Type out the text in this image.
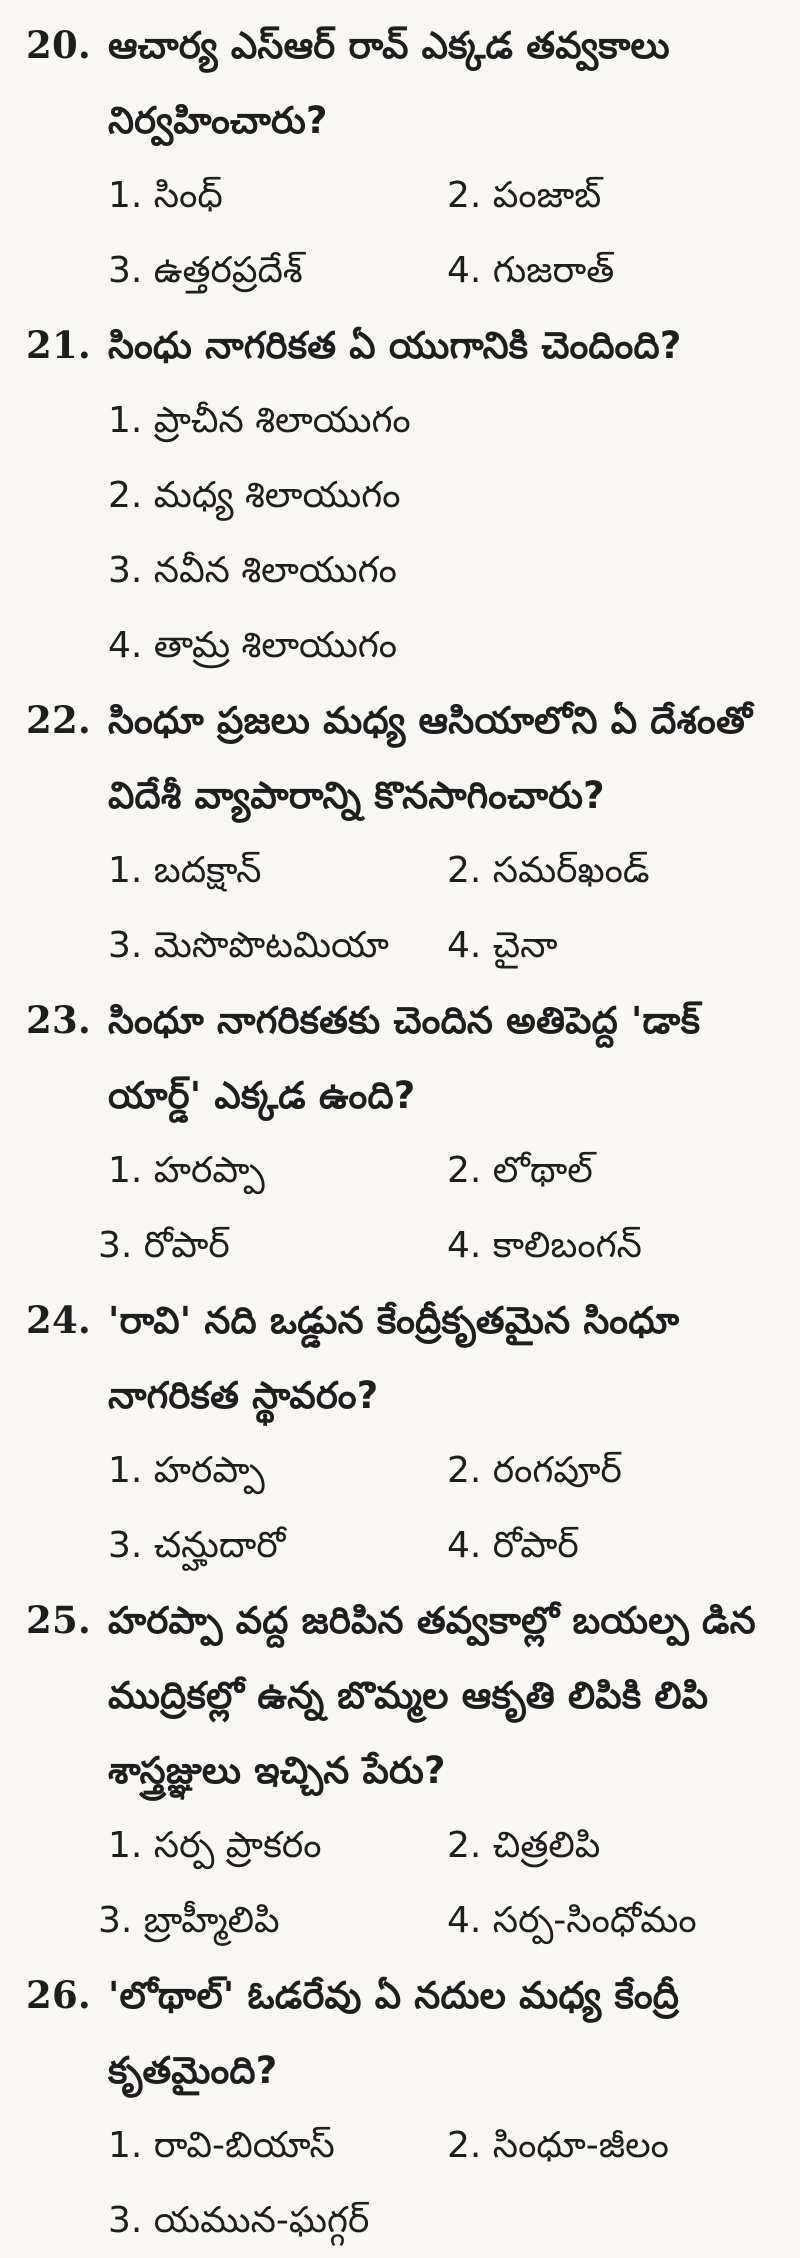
20. ఆచార్య ఎస్ఆర్ రావ్ ఎక్కడ తవ్వకాలు నిర్వహించారు?
1. సింధ్	2. పంజాబ్
3. ఉత్తరప్రదేశ్	4. గుజరాత్
21. సింధు నాగరికత ఏ యుగానికి చెందింది?
1. ప్రాచీన శిలాయుగం
2. మధ్య శిలాయుగం
3. నవీన శిలాయుగం
4. తామ్ర శిలాయుగం
22. సింధూ ప్రజలు మధ్య ఆసియాలోని ఏ దేశంతో విదేశీ వ్యాపారాన్ని కొనసాగించారు?
1. బదక్షాన్	2. సమర్‌ఖండ్
3. మెసొపొటమియా	4. చైనా
23. సింధూ నాగరికతకు చెందిన అతిపెద్ద 'డాక్ యార్డ్' ఎక్కడ ఉంది?
1. హరప్పా	2. లోథాల్
3. రోపార్	4. కాలిబంగన్
24. 'రావి' నది ఒడ్డున కేంద్రీకృతమైన సింధూ నాగరికత స్థావరం?
1. హరప్పా	2. రంగపూర్
3. చన్హుదారో	4. రోపార్
25. హరప్పా వద్ద జరిపిన తవ్వకాల్లో బయల్ప డిన ముద్రికల్లో ఉన్న బొమ్మల ఆకృతి లిపికి లిపి శాస్త్రజ్ఞులు ఇచ్చిన పేరు?
1. సర్ప ప్రాకరం	2. చిత్రలిపి
3. బ్రాహ్మీలిపి	4. సర్ప-సింధోమం
26. 'లోథాల్' ఓడరేవు ఏ నదుల మధ్య కేంద్రీ కృతమైంది?
1. రావి-బియాస్	2. సింధూ-జీలం
3. యమున-ఘగ్గర్
